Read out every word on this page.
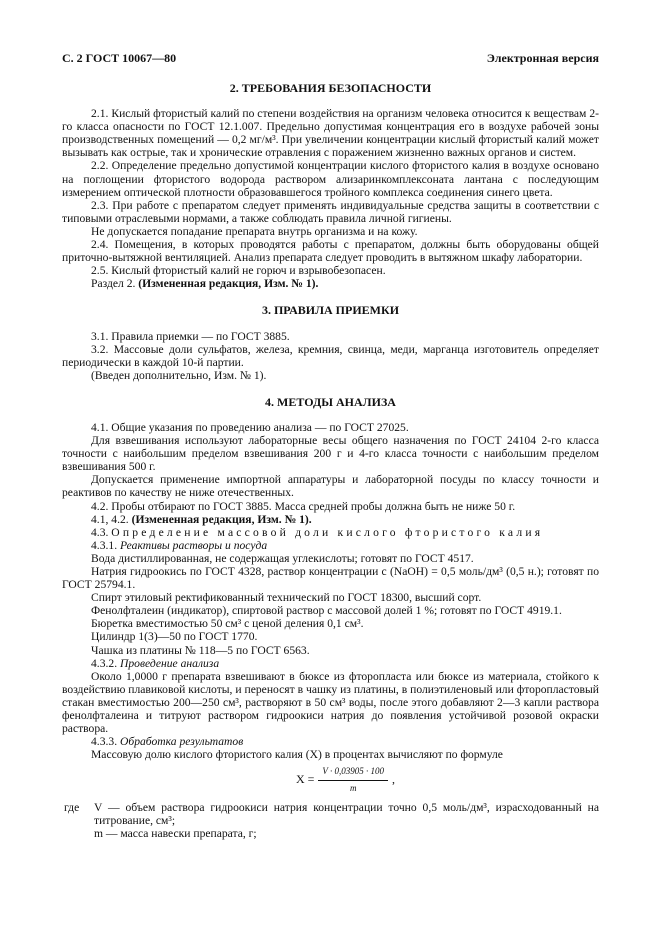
С. 2 ГОСТ 10067—80	Электронная версия
2. ТРЕБОВАНИЯ БЕЗОПАСНОСТИ

2.1. Кислый фтористый калий по степени воздействия на организм человека относится к веществам 2-го класса опасности по ГОСТ 12.1.007. Предельно допустимая концентрация его в воздухе рабочей зоны производственных помещений — 0,2 мг/м³. При увеличении концентрации кислый фтористый калий может вызывать как острые, так и хронические отравления с поражением жизненно важных органов и систем.

2.2. Определение предельно допустимой концентрации кислого фтористого калия в воздухе основано на поглощении фтористого водорода раствором ализаринкомплексоната лантана с последующим измерением оптической плотности образовавшегося тройного комплекса соединения синего цвета.

2.3. При работе с препаратом следует применять индивидуальные средства защиты в соответствии с типовыми отраслевыми нормами, а также соблюдать правила личной гигиены.

Не допускается попадание препарата внутрь организма и на кожу.

2.4. Помещения, в которых проводятся работы с препаратом, должны быть оборудованы общей приточно-вытяжной вентиляцией. Анализ препарата следует проводить в вытяжном шкафу лаборатории.

2.5. Кислый фтористый калий не горюч и взрывобезопасен.

Раздел 2. (Измененная редакция, Изм. № 1).

3. ПРАВИЛА ПРИЕМКИ

3.1. Правила приемки — по ГОСТ 3885.

3.2. Массовые доли сульфатов, железа, кремния, свинца, меди, марганца изготовитель определяет периодически в каждой 10-й партии.

(Введен дополнительно, Изм. № 1).

4. МЕТОДЫ АНАЛИЗА

4.1. Общие указания по проведению анализа — по ГОСТ 27025.

Для взвешивания используют лабораторные весы общего назначения по ГОСТ 24104 2-го класса точности с наибольшим пределом взвешивания 200 г и 4-го класса точности с наибольшим пределом взвешивания 500 г.

Допускается применение импортной аппаратуры и лабораторной посуды по классу точности и реактивов по качеству не ниже отечественных.

4.2. Пробы отбирают по ГОСТ 3885. Масса средней пробы должна быть не ниже 50 г.

4.1, 4.2. (Измененная редакция, Изм. № 1).

4.3. Определение массовой доли кислого фтористого калия

4.3.1. Реактивы растворы и посуда

Вода дистиллированная, не содержащая углекислоты; готовят по ГОСТ 4517.

Натрия гидроокись по ГОСТ 4328, раствор концентрации с (NaOH) = 0,5 моль/дм³ (0,5 н.); готовят по ГОСТ 25794.1.

Спирт этиловый ректификованный технический по ГОСТ 18300, высший сорт.

Фенолфталеин (индикатор), спиртовой раствор с массовой долей 1 %; готовят по ГОСТ 4919.1.

Бюретка вместимостью 50 см³ с ценой деления 0,1 см³.

Цилиндр 1(3)—50 по ГОСТ 1770.

Чашка из платины № 118—5 по ГОСТ 6563.

4.3.2. Проведение анализа

Около 1,0000 г препарата взвешивают в бюксе из фторопласта или бюксе из материала, стойкого к воздействию плавиковой кислоты, и переносят в чашку из платины, в полиэтиленовый или фторопластовый стакан вместимостью 200—250 см³, растворяют в 50 см³ воды, после этого добавляют 2—3 капли раствора фенолфталеина и титруют раствором гидроокиси натрия до появления устойчивой розовой окраски раствора.

4.3.3. Обработка результатов

Массовую долю кислого фтористого калия (X) в процентах вычисляют по формуле

$X = \frac{V \cdot 0,03905 \cdot 100}{m}$ ,
где	V — объем раствора гидроокиси натрия концентрации точно 0,5 моль/дм³, израсходованный на титрование, см³;
m — масса навески препарата, г;
